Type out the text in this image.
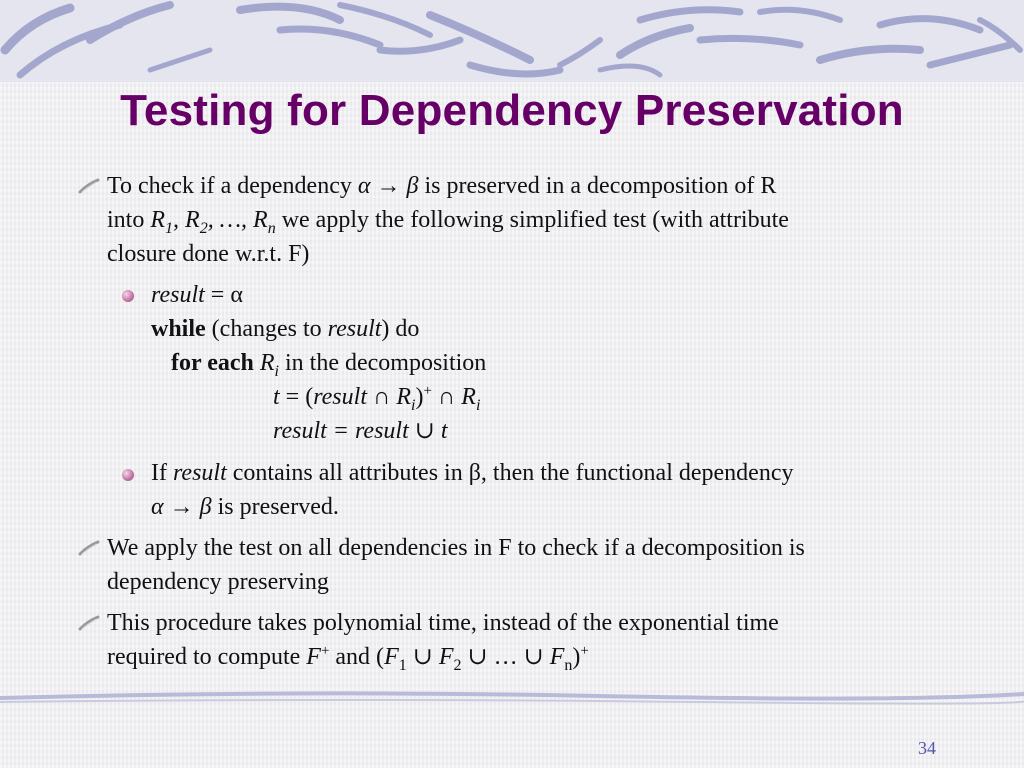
Testing for Dependency Preservation
To check if a dependency α → β is preserved in a decomposition of R
into $R_1$, $R_2$, …, $R_n$ we apply the following simplified test (with attribute
closure done w.r.t. F)
result = α
while (changes to result) do
for each $R_i$ in the decomposition
t = (result ∩ $R_i)^+$ ∩ $R_i$
result = result ∪ t
If result contains all attributes in β, then the functional dependency
α → β is preserved.
We apply the test on all dependencies in F to check if a decomposition is
dependency preserving
This procedure takes polynomial time, instead of the exponential time
required to compute F+ and ($F_1$ ∪ $F_2$ ∪ … ∪ $F_n)^+$
34
